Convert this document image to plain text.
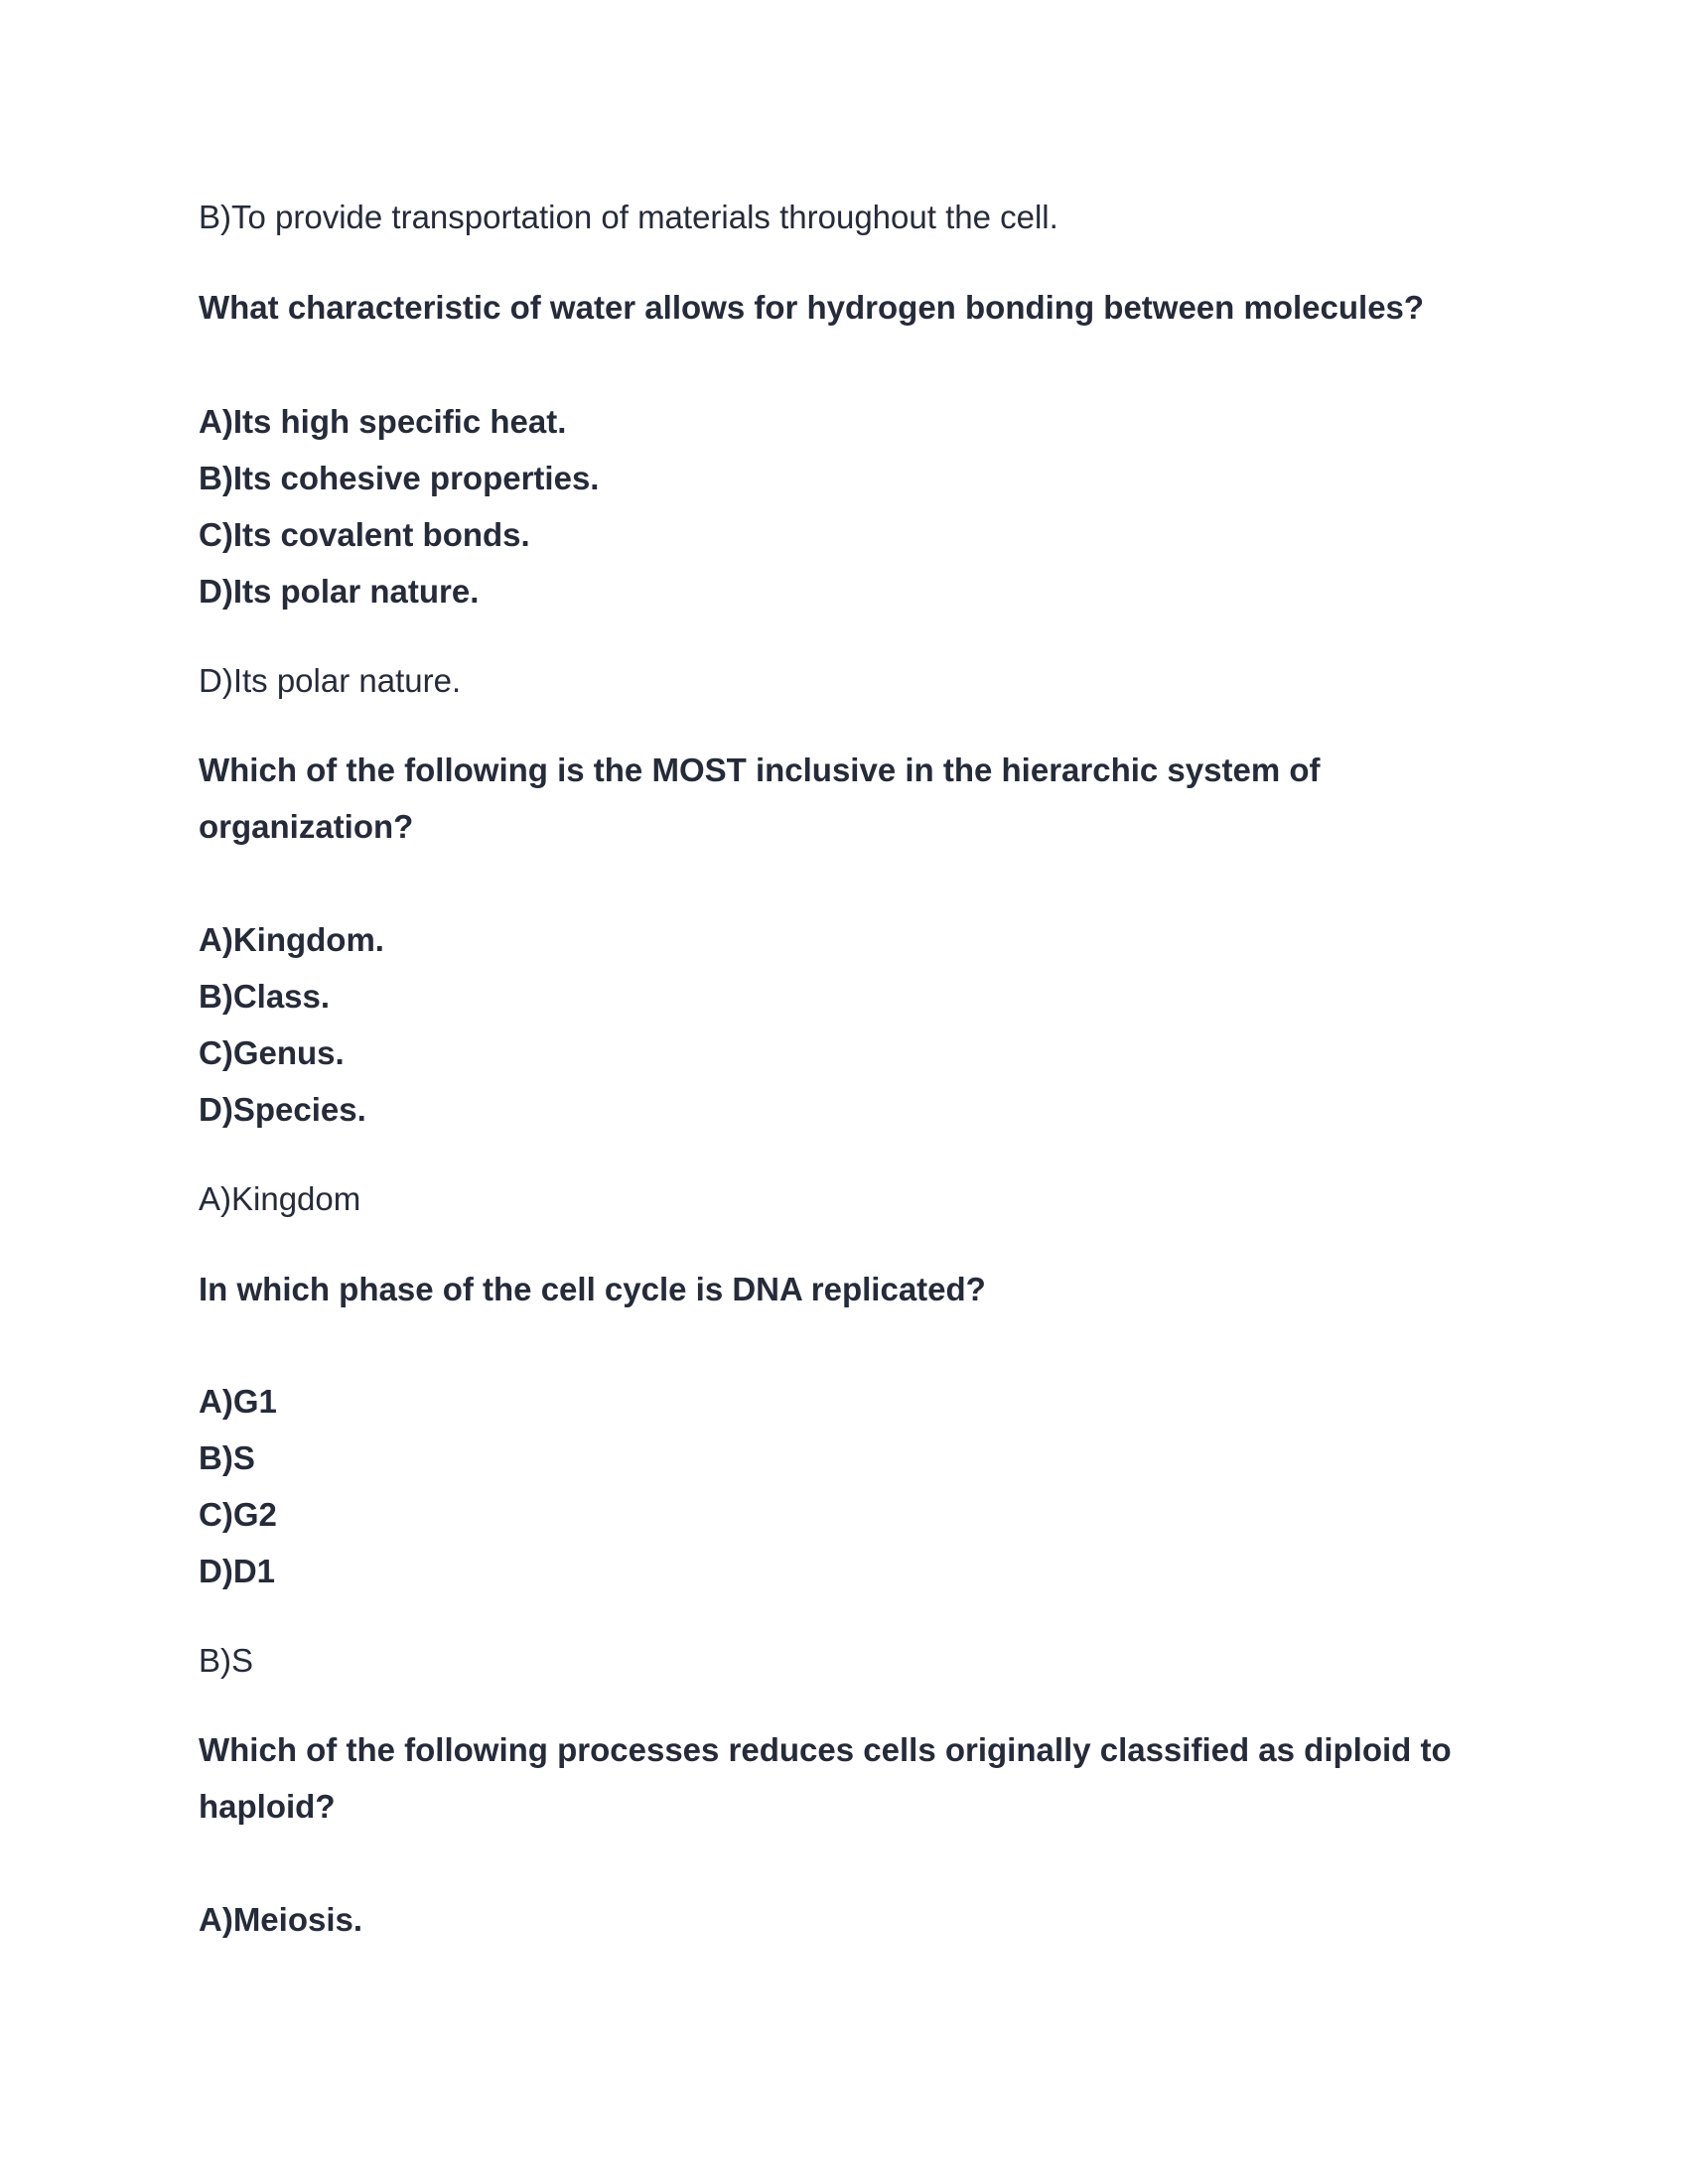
B)To provide transportation of materials throughout the cell.

What characteristic of water allows for hydrogen bonding between molecules?

A)Its high specific heat.

B)Its cohesive properties.

C)Its covalent bonds.

D)Its polar nature.

D)Its polar nature.

Which of the following is the MOST inclusive in the hierarchic system of

organization?

A)Kingdom.

B)Class.

C)Genus.

D)Species.

A)Kingdom

In which phase of the cell cycle is DNA replicated?

A)G1

B)S

C)G2

D)D1

B)S

Which of the following processes reduces cells originally classified as diploid to

haploid?

A)Meiosis.
